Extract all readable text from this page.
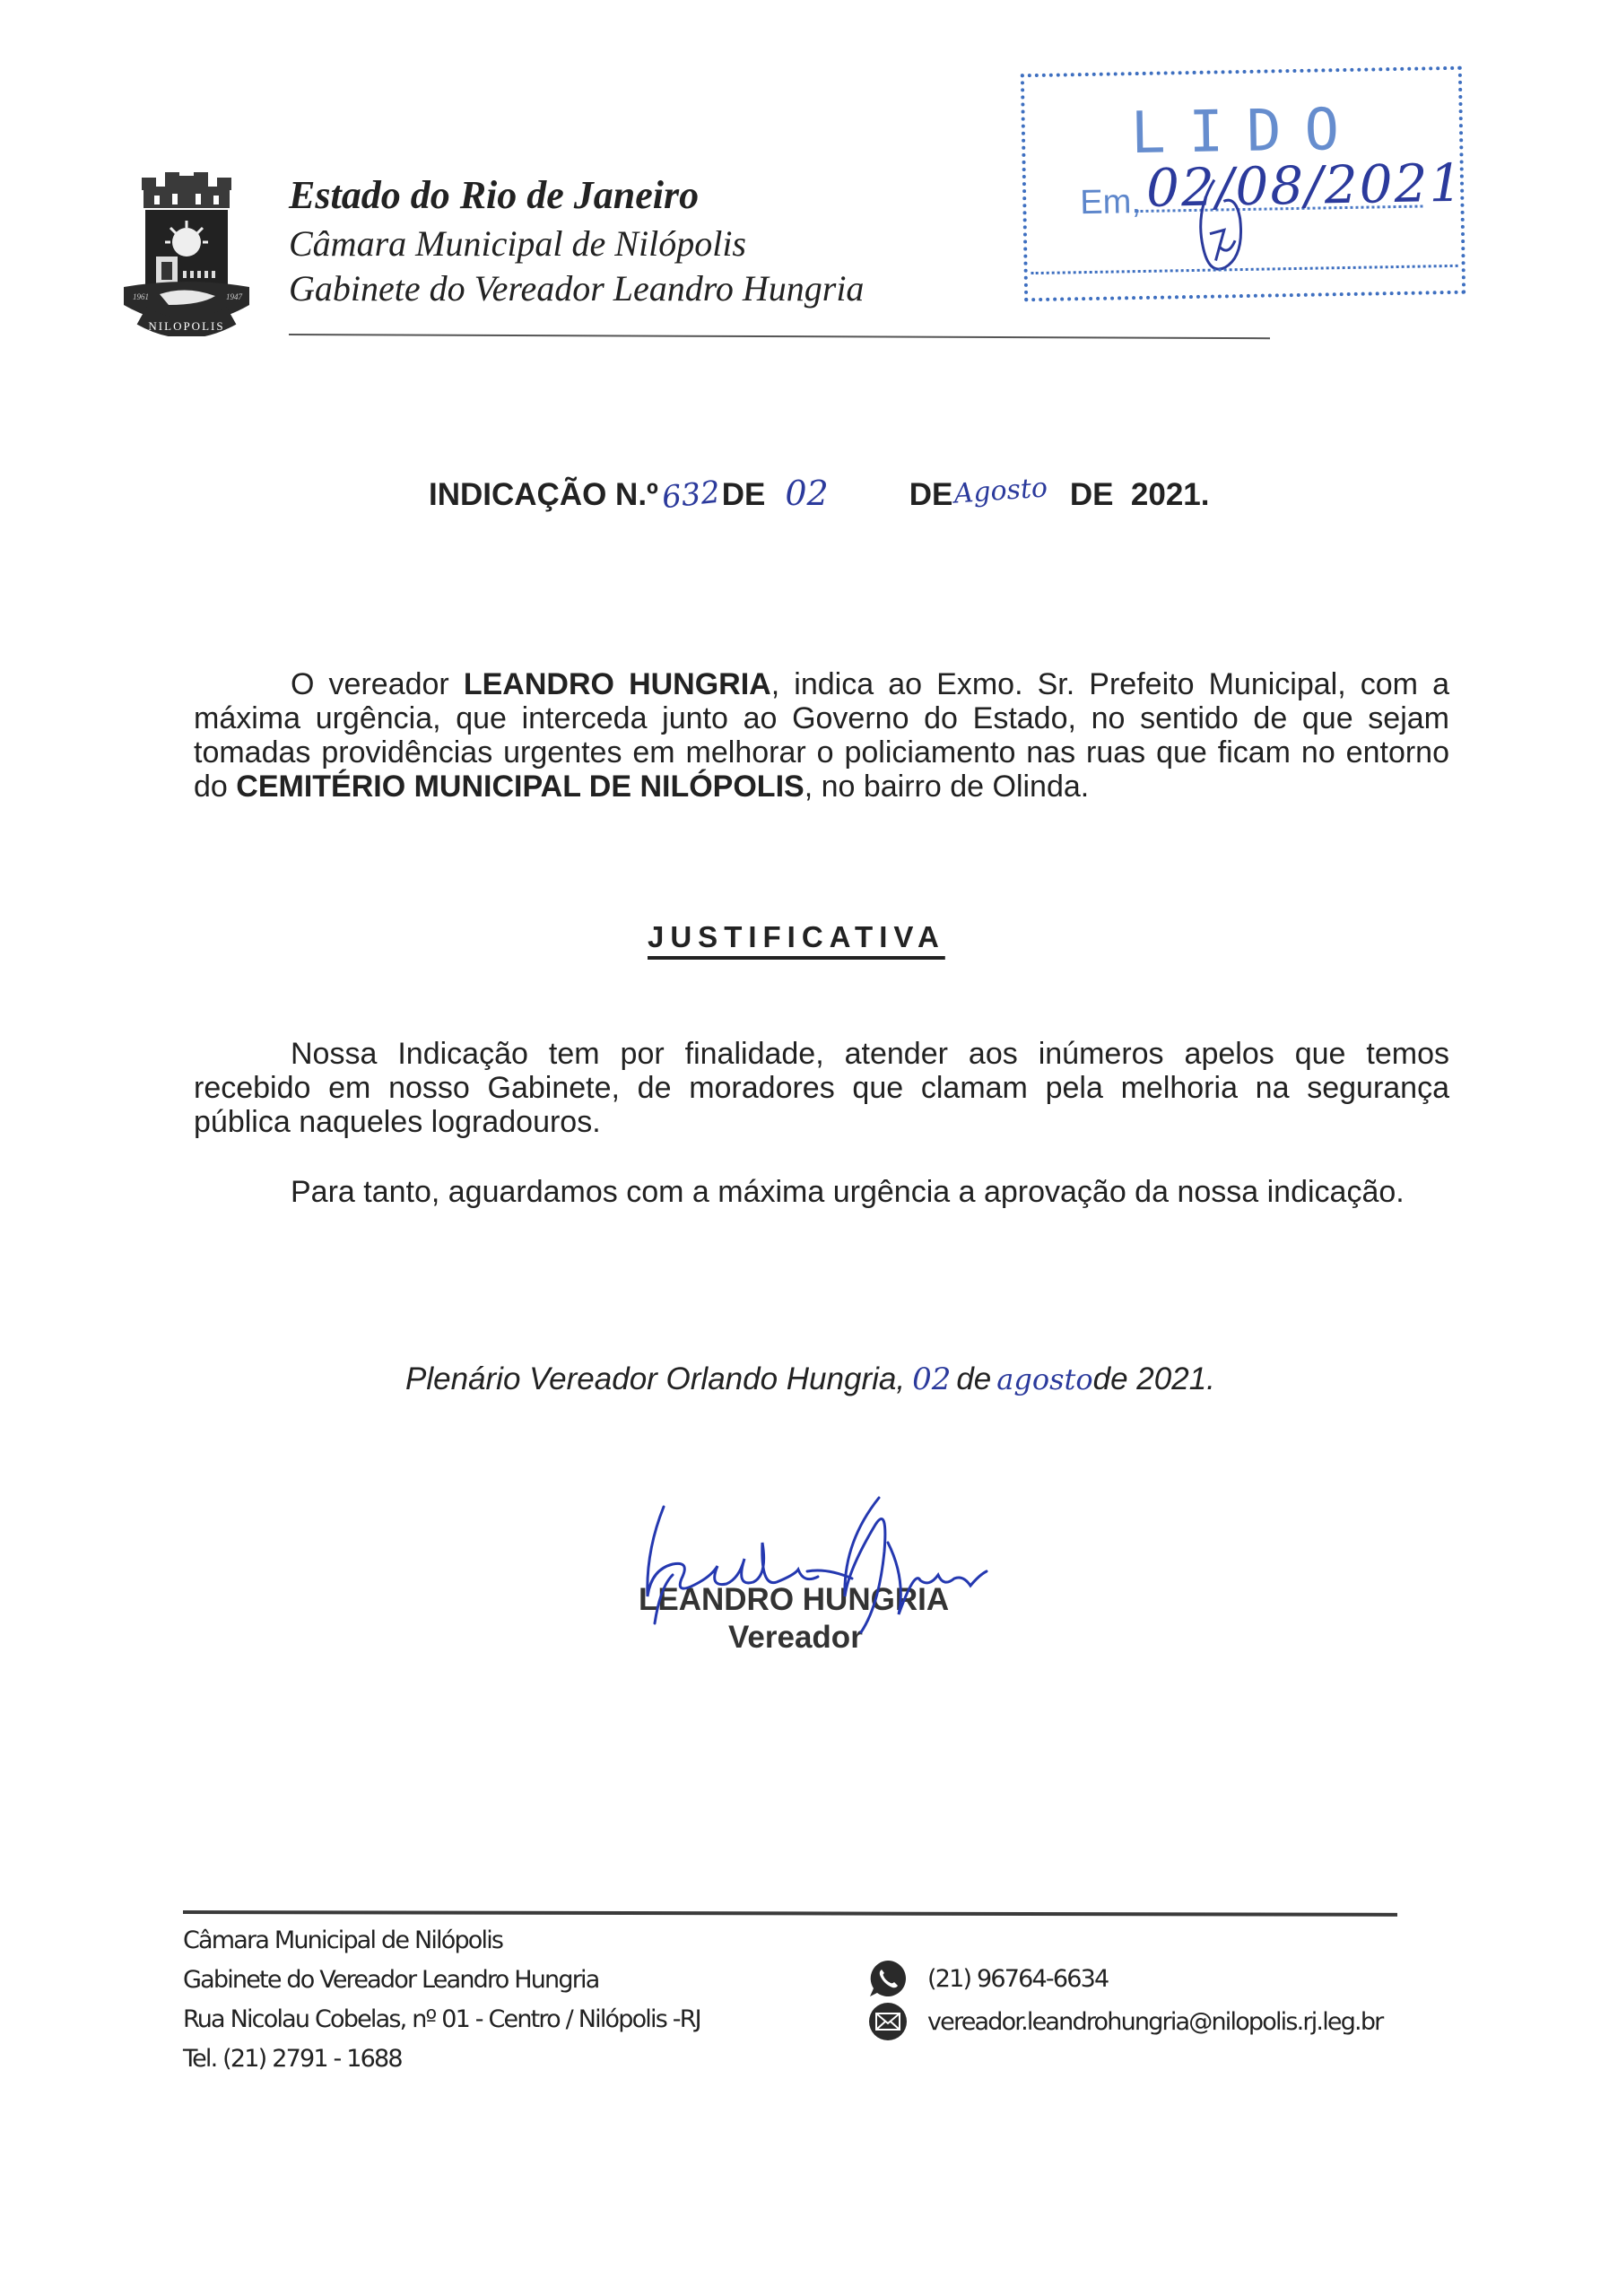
NILOPOLIS
1961	1947
Estado do Rio de Janeiro
Câmara Municipal de Nilópolis
Gabinete do Vereador Leandro Hungria
LIDO
Em, 02/08/2021
INDICAÇÃO N.º632DE 02	DEAgosto DE 2021.

O vereador LEANDRO HUNGRIA, indica ao Exmo. Sr. Prefeito Municipal, com a máxima urgência, que interceda junto ao Governo do Estado, no sentido de que sejam tomadas providências urgentes em melhorar o policiamento nas ruas que ficam no entorno do CEMITÉRIO MUNICIPAL DE NILÓPOLIS, no bairro de Olinda.

JUSTIFICATIVA

Nossa Indicação tem por finalidade, atender aos inúmeros apelos que temos recebido em nosso Gabinete, de moradores que clamam pela melhoria na segurança pública naqueles logradouros.

Para tanto, aguardamos com a máxima urgência a aprovação da nossa indicação.

Plenário Vereador Orlando Hungria, 02 de agostode 2021.
LEANDRO HUNGRIA
Vereador
Câmara Municipal de Nilópolis
Gabinete do Vereador Leandro Hungria
Rua Nicolau Cobelas, nº 01 - Centro / Nilópolis -RJ
Tel. (21) 2791 - 1688
(21) 96764-6634
vereador.leandrohungria@nilopolis.rj.leg.br
